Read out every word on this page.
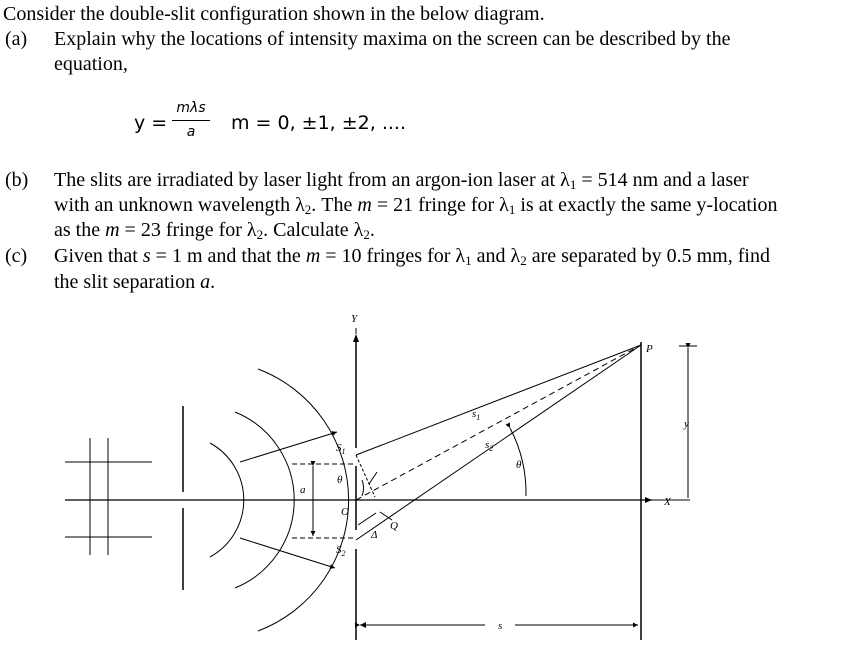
Consider the double-slit configuration shown in the below diagram.
(a) Explain why the locations of intensity maxima on the screen can be described by the
equation,
y =
mλs
a	m = 0, ±1, ±2, ....
(b) The slits are irradiated by laser light from an argon-ion laser at $\lambda_1 = 514$ nm and a laser
with an unknown wavelength $\lambda_2$. The m = 21 fringe for $\lambda_1$ is at exactly the same y-location
as the m = 23 fringe for $\lambda_2$. Calculate $\lambda_2$.
(c) Given that s = 1 m and that the m = 10 fringes for $\lambda_1$ and $\lambda_2$ are separated by 0.5 mm, find
the slit separation a.
Y
P
X
y
$S_1$
$S_2$
$s_1$
$s_2$
θ
θ
O
Q
Δ
a
s
